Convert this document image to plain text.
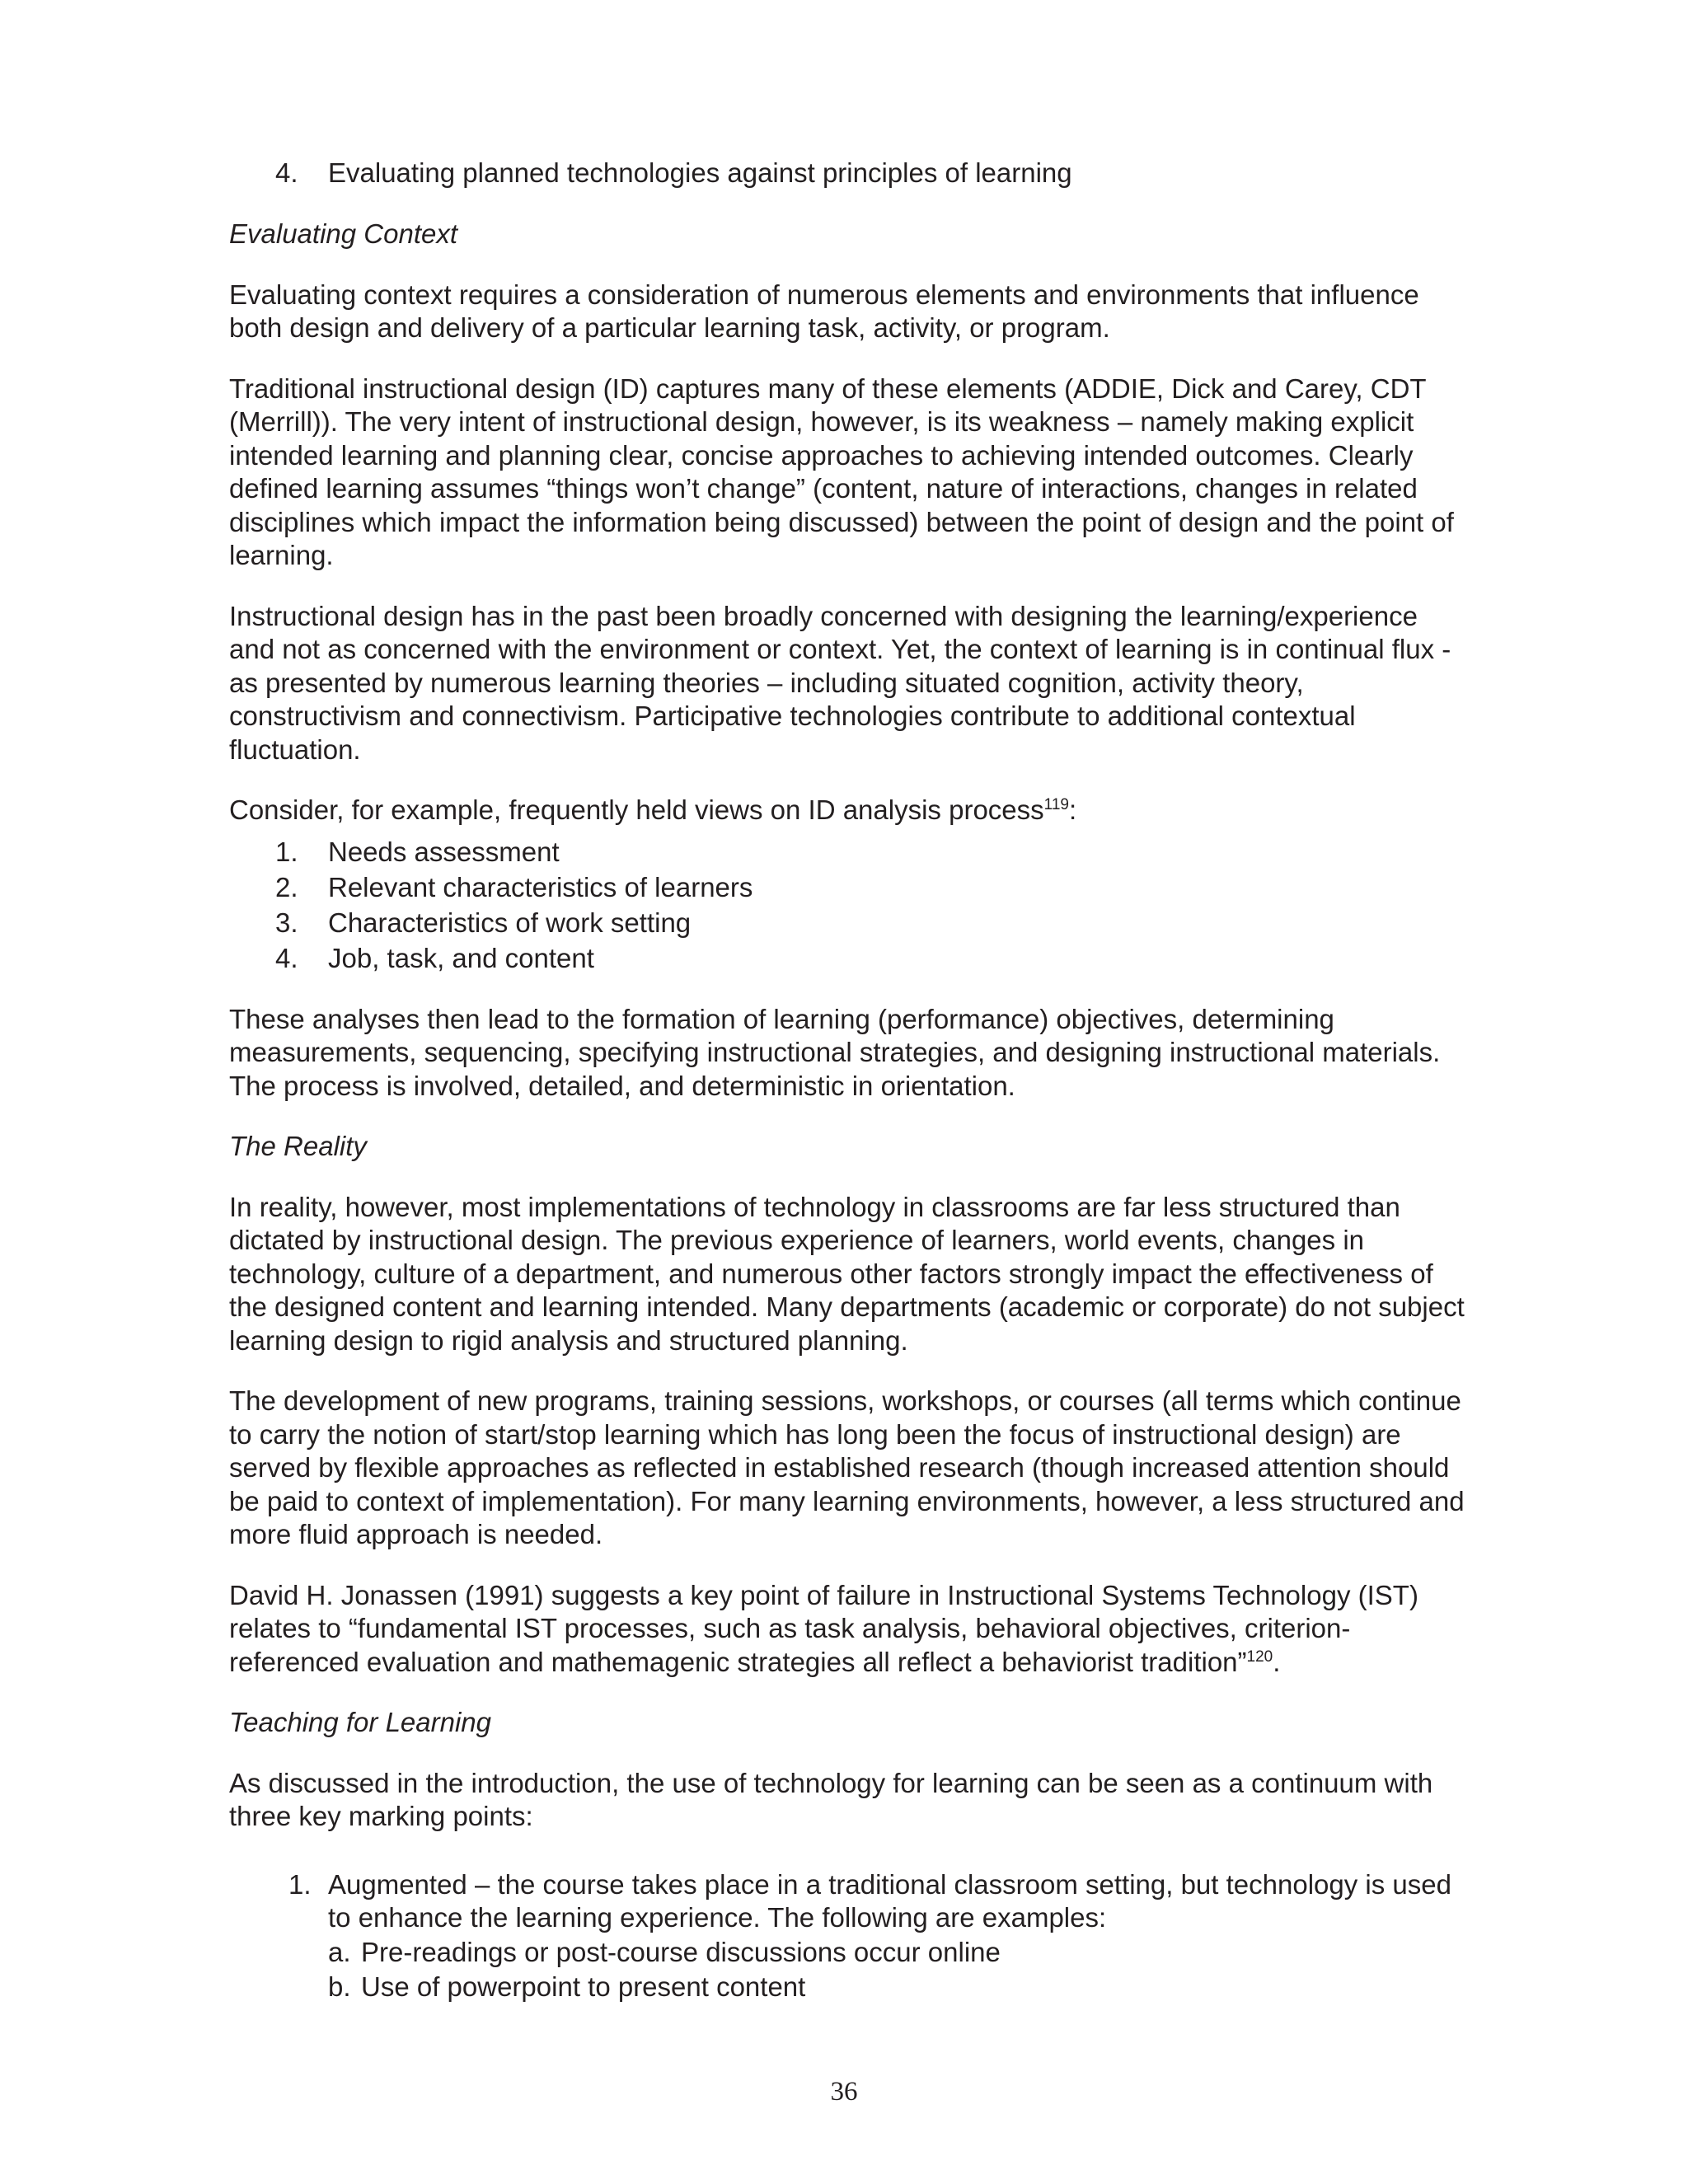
4. Evaluating planned technologies against principles of learning
Evaluating Context

Evaluating context requires a consideration of numerous elements and environments that influence both design and delivery of a particular learning task, activity, or program.

Traditional instructional design (ID) captures many of these elements (ADDIE, Dick and Carey, CDT (Merrill)). The very intent of instructional design, however, is its weakness – namely making explicit intended learning and planning clear, concise approaches to achieving intended outcomes. Clearly defined learning assumes “things won’t change” (content, nature of interactions, changes in related disciplines which impact the information being discussed) between the point of design and the point of learning.

Instructional design has in the past been broadly concerned with designing the learning/experience and not as concerned with the environment or context. Yet, the context of learning is in continual flux - as presented by numerous learning theories – including situated cognition, activity theory, constructivism and connectivism. Participative technologies contribute to additional contextual fluctuation.

Consider, for example, frequently held views on ID analysis process$^{119}$:

1. Needs assessment
2. Relevant characteristics of learners
3. Characteristics of work setting
4. Job, task, and content

These analyses then lead to the formation of learning (performance) objectives, determining measurements, sequencing, specifying instructional strategies, and designing instructional materials. The process is involved, detailed, and deterministic in orientation.

The Reality

In reality, however, most implementations of technology in classrooms are far less structured than dictated by instructional design. The previous experience of learners, world events, changes in technology, culture of a department, and numerous other factors strongly impact the effectiveness of the designed content and learning intended. Many departments (academic or corporate) do not subject learning design to rigid analysis and structured planning.

The development of new programs, training sessions, workshops, or courses (all terms which continue to carry the notion of start/stop learning which has long been the focus of instructional design) are served by flexible approaches as reflected in established research (though increased attention should be paid to context of implementation). For many learning environments, however, a less structured and more fluid approach is needed.

David H. Jonassen (1991) suggests a key point of failure in Instructional Systems Technology (IST) relates to “fundamental IST processes, such as task analysis, behavioral objectives, criterion-referenced evaluation and mathemagenic strategies all reflect a behaviorist tradition”$^{120}$.

Teaching for Learning

As discussed in the introduction, the use of technology for learning can be seen as a continuum with three key marking points:

1. Augmented – the course takes place in a traditional classroom setting, but technology is used to enhance the learning experience. The following are examples:
a. Pre-readings or post-course discussions occur online
b. Use of powerpoint to present content
36
